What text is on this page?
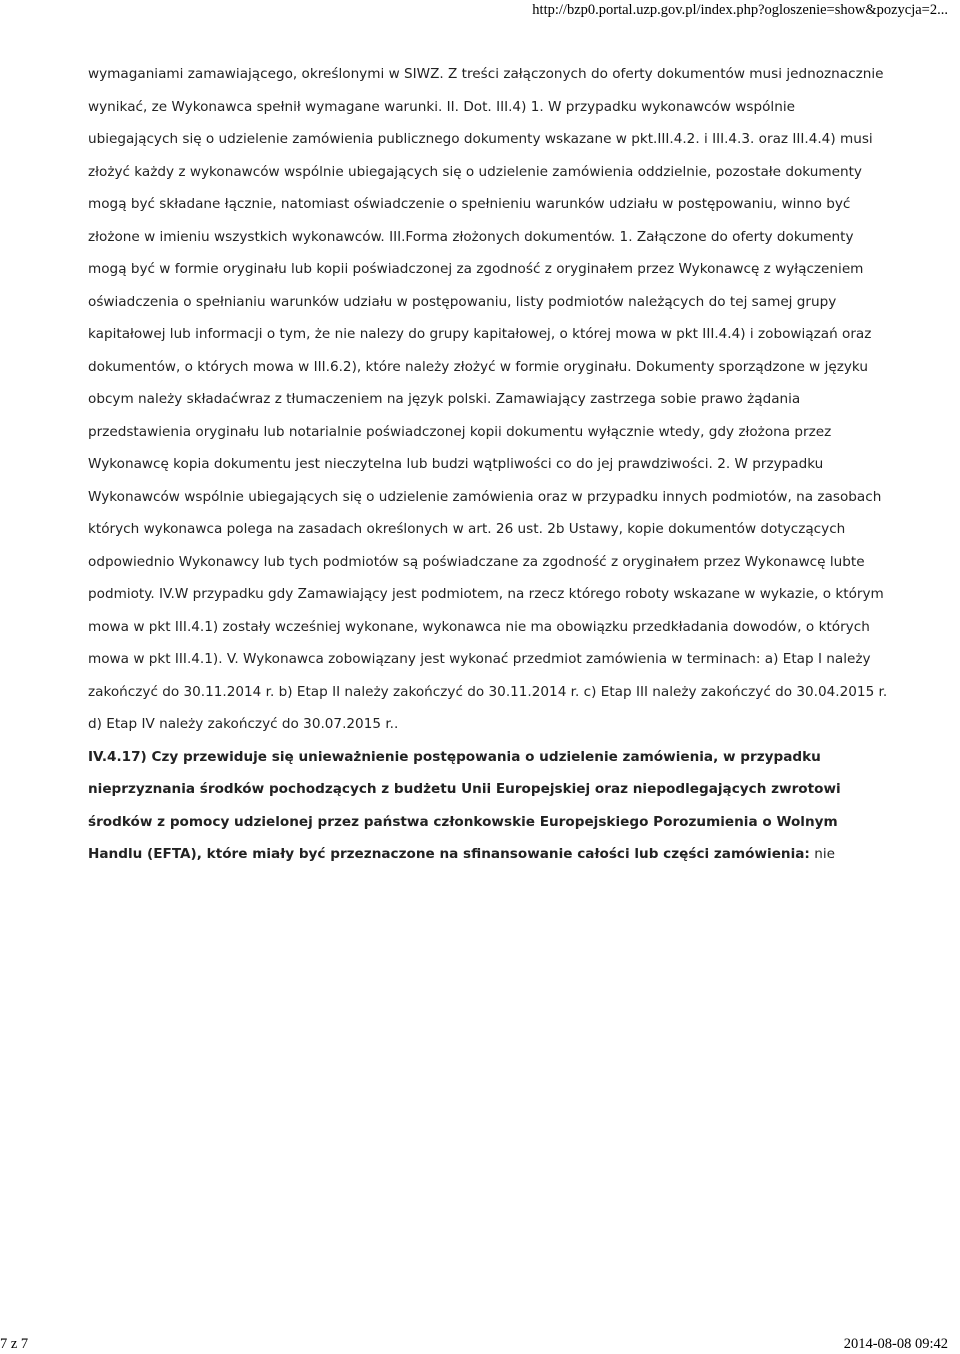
http://bzp0.portal.uzp.gov.pl/index.php?ogloszenie=show&pozycja=2...

wymaganiami zamawiającego, określonymi w SIWZ. Z treści załączonych do oferty dokumentów musi jednoznacznie wynikać, ze Wykonawca spełnił wymagane warunki. II. Dot. III.4) 1. W przypadku wykonawców wspólnie ubiegających się o udzielenie zamówienia publicznego dokumenty wskazane w pkt.III.4.2. i III.4.3. oraz III.4.4) musi złożyć każdy z wykonawców wspólnie ubiegających się o udzielenie zamówienia oddzielnie, pozostałe dokumenty mogą być składane łącznie, natomiast oświadczenie o spełnieniu warunków udziału w postępowaniu, winno być złożone w imieniu wszystkich wykonawców. III.Forma złożonych dokumentów. 1. Załączone do oferty dokumenty mogą być w formie oryginału lub kopii poświadczonej za zgodność z oryginałem przez Wykonawcę z wyłączeniem oświadczenia o spełnianiu warunków udziału w postępowaniu, listy podmiotów należących do tej samej grupy kapitałowej lub informacji o tym, że nie nalezy do grupy kapitałowej, o której mowa w pkt III.4.4) i zobowiązań oraz dokumentów, o których mowa w III.6.2), które należy złożyć w formie oryginału. Dokumenty sporządzone w języku obcym należy składaćwraz z tłumaczeniem na język polski. Zamawiający zastrzega sobie prawo żądania przedstawienia oryginału lub notarialnie poświadczonej kopii dokumentu wyłącznie wtedy, gdy złożona przez Wykonawcę kopia dokumentu jest nieczytelna lub budzi wątpliwości co do jej prawdziwości. 2. W przypadku Wykonawców wspólnie ubiegających się o udzielenie zamówienia oraz w przypadku innych podmiotów, na zasobach których wykonawca polega na zasadach określonych w art. 26 ust. 2b Ustawy, kopie dokumentów dotyczących odpowiednio Wykonawcy lub tych podmiotów są poświadczane za zgodność z oryginałem przez Wykonawcę lubte podmioty. IV.W przypadku gdy Zamawiający jest podmiotem, na rzecz którego roboty wskazane w wykazie, o którym mowa w pkt III.4.1) zostały wcześniej wykonane, wykonawca nie ma obowiązku przedkładania dowodów, o których mowa w pkt III.4.1). V. Wykonawca zobowiązany jest wykonać przedmiot zamówienia w terminach: a) Etap I należy zakończyć do 30.11.2014 r. b) Etap II należy zakończyć do 30.11.2014 r. c) Etap III należy zakończyć do 30.04.2015 r. d) Etap IV należy zakończyć do 30.07.2015 r..

IV.4.17) Czy przewiduje się unieważnienie postępowania o udzielenie zamówienia, w przypadku nieprzyznania środków pochodzących z budżetu Unii Europejskiej oraz niepodlegających zwrotowi środków z pomocy udzielonej przez państwa członkowskie Europejskiego Porozumienia o Wolnym Handlu (EFTA), które miały być przeznaczone na sfinansowanie całości lub części zamówienia: nie

7 z 7	2014-08-08 09:42
